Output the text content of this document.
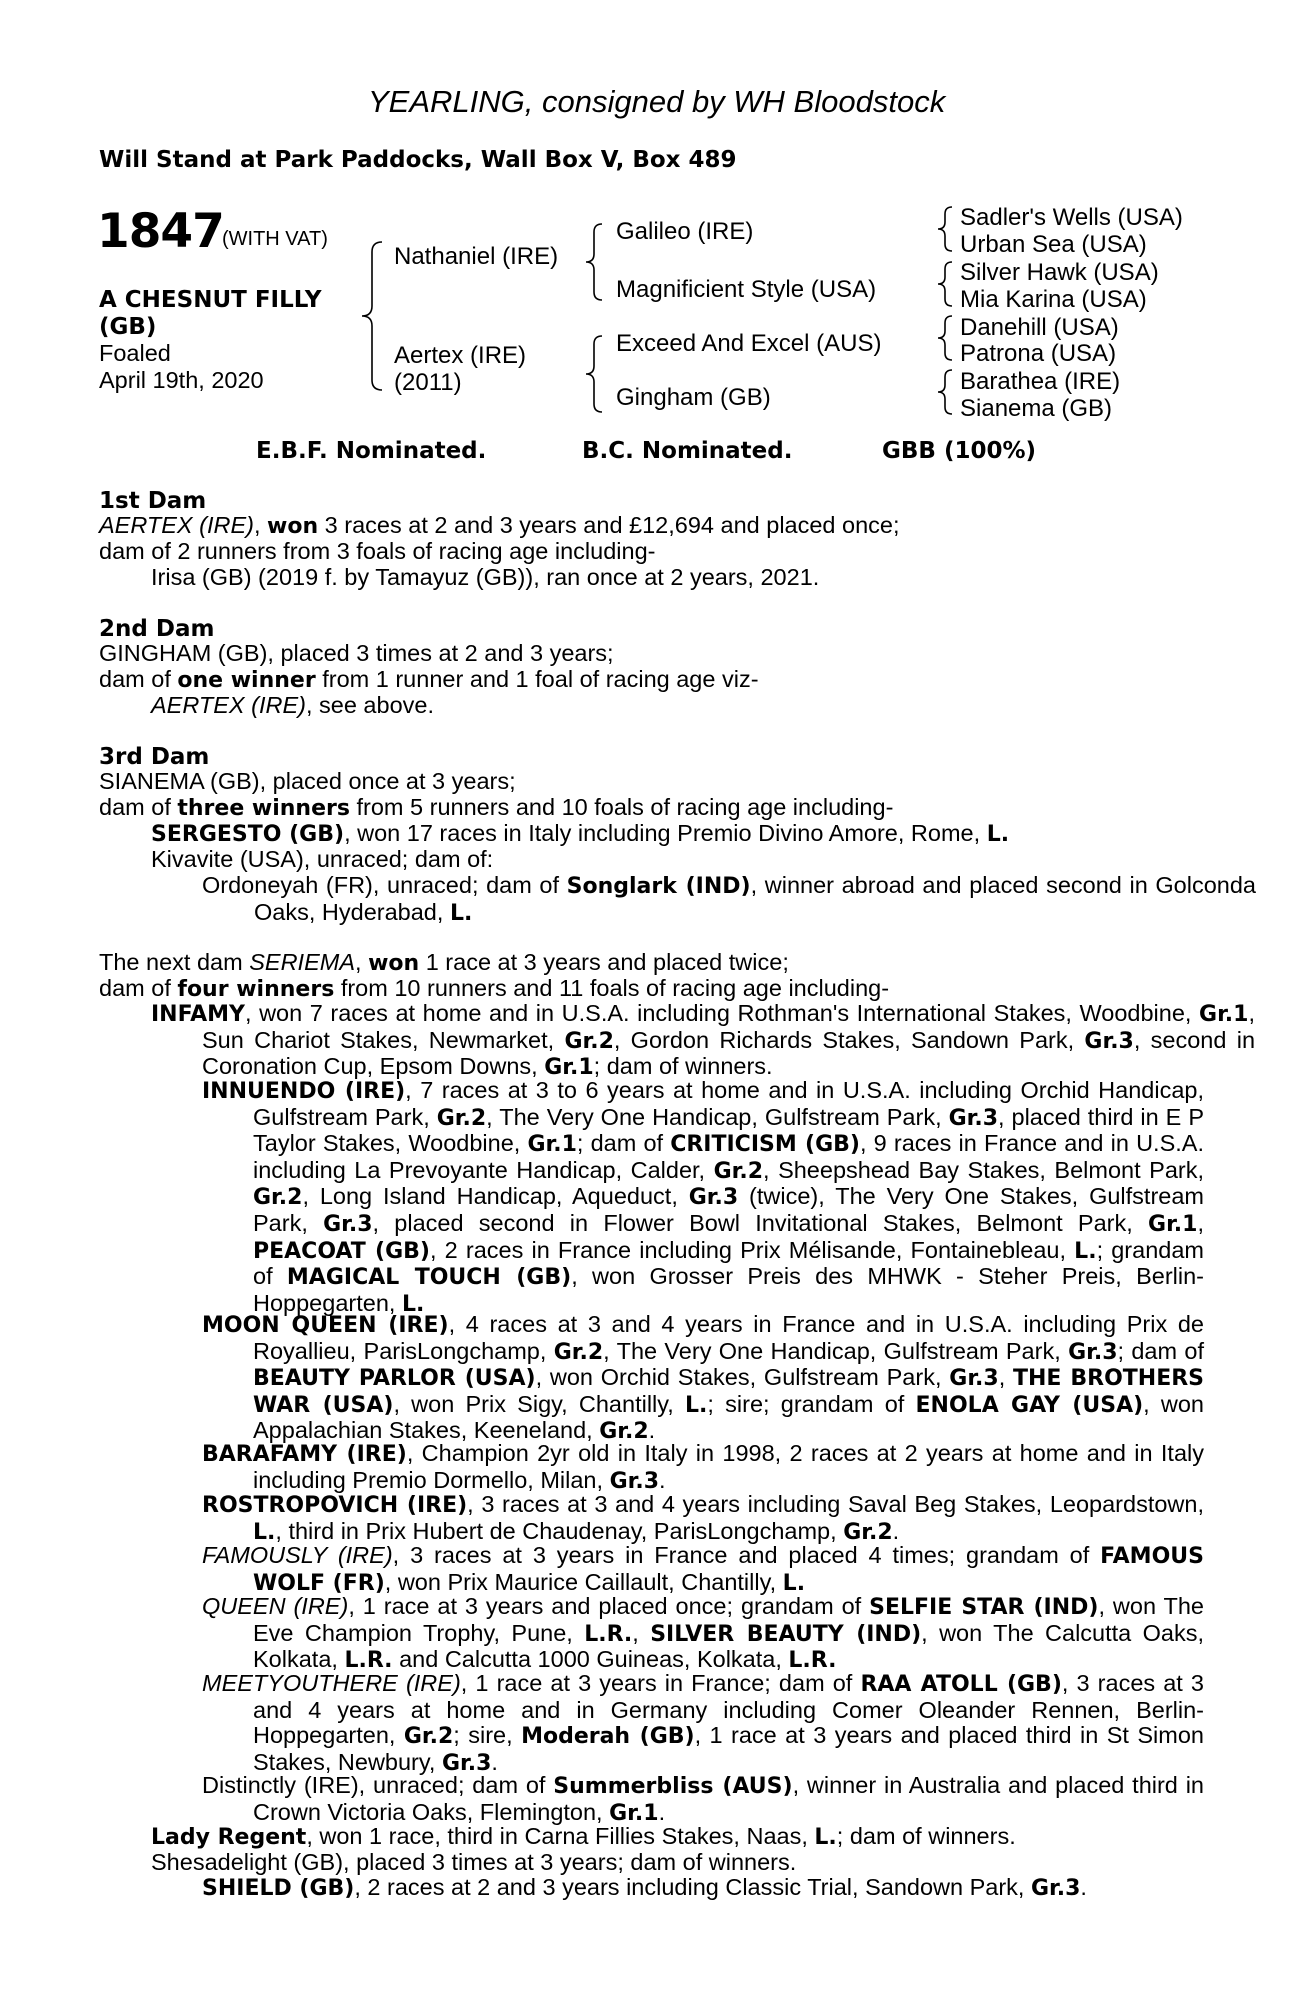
YEARLING, consigned by WH Bloodstock
Will Stand at Park Paddocks, Wall Box V, Box 489
1847
(WITH VAT)
A CHESNUT FILLY
(GB)
Foaled
April 19th, 2020
Nathaniel (IRE)
Aertex (IRE)
(2011)
Galileo (IRE)
Magnificient Style (USA)
Exceed And Excel (AUS)
Gingham (GB)
Sadler's Wells (USA)
Urban Sea (USA)
Silver Hawk (USA)
Mia Karina (USA)
Danehill (USA)
Patrona (USA)
Barathea (IRE)
Sianema (GB)
E.B.F. Nominated.	B.C. Nominated.	GBB (100%)
1st Dam
AERTEX (IRE), won 3 races at 2 and 3 years and £12,694 and placed once;
dam of 2 runners from 3 foals of racing age including-
Irisa (GB) (2019 f. by Tamayuz (GB)), ran once at 2 years, 2021.
2nd Dam
GINGHAM (GB), placed 3 times at 2 and 3 years;
dam of one winner from 1 runner and 1 foal of racing age viz-
AERTEX (IRE), see above.
3rd Dam
SIANEMA (GB), placed once at 3 years;
dam of three winners from 5 runners and 10 foals of racing age including-
SERGESTO (GB), won 17 races in Italy including Premio Divino Amore, Rome, L.
Kivavite (USA), unraced; dam of:
Ordoneyah (FR), unraced; dam of Songlark (IND), winner abroad and placed second in Golconda Oaks, Hyderabad, L.
The next dam SERIEMA, won 1 race at 3 years and placed twice;
dam of four winners from 10 runners and 11 foals of racing age including-
INFAMY, won 7 races at home and in U.S.A. including Rothman's International Stakes, Woodbine, Gr.1, Sun Chariot Stakes, Newmarket, Gr.2, Gordon Richards Stakes, Sandown Park, Gr.3, second in Coronation Cup, Epsom Downs, Gr.1; dam of winners.
INNUENDO (IRE), 7 races at 3 to 6 years at home and in U.S.A. including Orchid Handicap, Gulfstream Park, Gr.2, The Very One Handicap, Gulfstream Park, Gr.3, placed third in E P Taylor Stakes, Woodbine, Gr.1; dam of CRITICISM (GB), 9 races in France and in U.S.A. including La Prevoyante Handicap, Calder, Gr.2, Sheepshead Bay Stakes, Belmont Park, Gr.2, Long Island Handicap, Aqueduct, Gr.3 (twice), The Very One Stakes, Gulfstream Park, Gr.3, placed second in Flower Bowl Invitational Stakes, Belmont Park, Gr.1, PEACOAT (GB), 2 races in France including Prix Mélisande, Fontainebleau, L.; grandam of MAGICAL TOUCH (GB), won Grosser Preis des MHWK - Steher Preis, Berlin-Hoppegarten, L.
MOON QUEEN (IRE), 4 races at 3 and 4 years in France and in U.S.A. including Prix de Royallieu, ParisLongchamp, Gr.2, The Very One Handicap, Gulfstream Park, Gr.3; dam of BEAUTY PARLOR (USA), won Orchid Stakes, Gulfstream Park, Gr.3, THE BROTHERS WAR (USA), won Prix Sigy, Chantilly, L.; sire; grandam of ENOLA GAY (USA), won Appalachian Stakes, Keeneland, Gr.2.
BARAFAMY (IRE), Champion 2yr old in Italy in 1998, 2 races at 2 years at home and in Italy including Premio Dormello, Milan, Gr.3.
ROSTROPOVICH (IRE), 3 races at 3 and 4 years including Saval Beg Stakes, Leopardstown, L., third in Prix Hubert de Chaudenay, ParisLongchamp, Gr.2.
FAMOUSLY (IRE), 3 races at 3 years in France and placed 4 times; grandam of FAMOUS WOLF (FR), won Prix Maurice Caillault, Chantilly, L.
QUEEN (IRE), 1 race at 3 years and placed once; grandam of SELFIE STAR (IND), won The Eve Champion Trophy, Pune, L.R., SILVER BEAUTY (IND), won The Calcutta Oaks, Kolkata, L.R. and Calcutta 1000 Guineas, Kolkata, L.R.
MEETYOUTHERE (IRE), 1 race at 3 years in France; dam of RAA ATOLL (GB), 3 races at 3 and 4 years at home and in Germany including Comer Oleander Rennen, Berlin-Hoppegarten, Gr.2; sire, Moderah (GB), 1 race at 3 years and placed third in St Simon Stakes, Newbury, Gr.3.
Distinctly (IRE), unraced; dam of Summerbliss (AUS), winner in Australia and placed third in Crown Victoria Oaks, Flemington, Gr.1.
Lady Regent, won 1 race, third in Carna Fillies Stakes, Naas, L.; dam of winners.
Shesadelight (GB), placed 3 times at 3 years; dam of winners.
SHIELD (GB), 2 races at 2 and 3 years including Classic Trial, Sandown Park, Gr.3.
